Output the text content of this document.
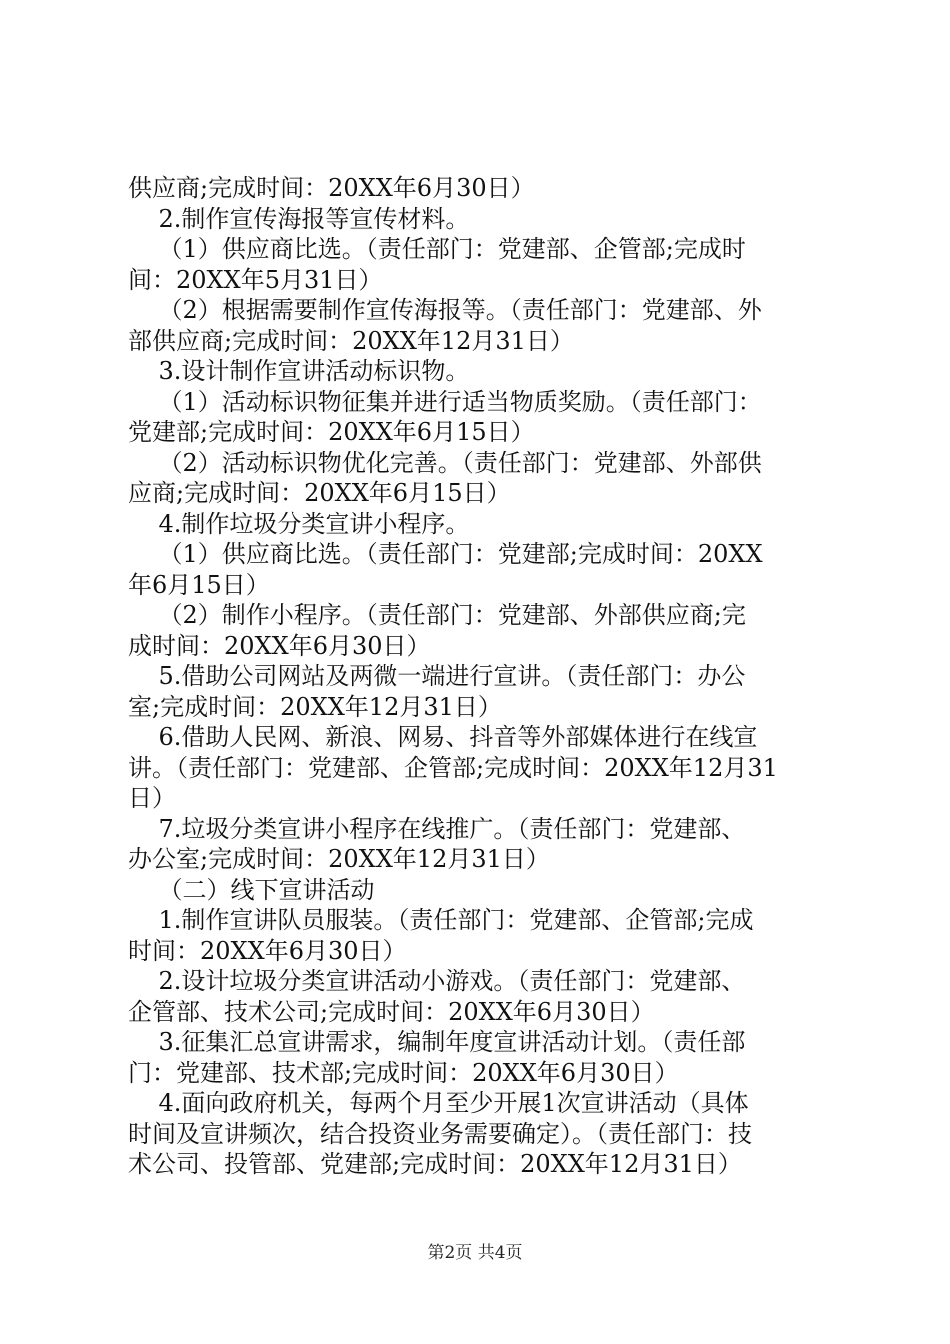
供应商;完成时间：20XX年6月30日）
2.制作宣传海报等宣传材料。
（1）供应商比选。（责任部门：党建部、企管部;完成时
间：20XX年5月31日）
（2）根据需要制作宣传海报等。（责任部门：党建部、外
部供应商;完成时间：20XX年12月31日）
3.设计制作宣讲活动标识物。
（1）活动标识物征集并进行适当物质奖励。（责任部门：
党建部;完成时间：20XX年6月15日）
（2）活动标识物优化完善。（责任部门：党建部、外部供
应商;完成时间：20XX年6月15日）
4.制作垃圾分类宣讲小程序。
（1）供应商比选。（责任部门：党建部;完成时间：20XX
年6月15日）
（2）制作小程序。（责任部门：党建部、外部供应商;完
成时间：20XX年6月30日）
5.借助公司网站及两微一端进行宣讲。（责任部门：办公
室;完成时间：20XX年12月31日）
6.借助人民网、新浪、网易、抖音等外部媒体进行在线宣
讲。（责任部门：党建部、企管部;完成时间：20XX年12月31
日）
7.垃圾分类宣讲小程序在线推广。（责任部门：党建部、
办公室;完成时间：20XX年12月31日）
（二）线下宣讲活动
1.制作宣讲队员服装。（责任部门：党建部、企管部;完成
时间：20XX年6月30日）
2.设计垃圾分类宣讲活动小游戏。（责任部门：党建部、
企管部、技术公司;完成时间：20XX年6月30日）
3.征集汇总宣讲需求，编制年度宣讲活动计划。（责任部
门：党建部、技术部;完成时间：20XX年6月30日）
4.面向政府机关，每两个月至少开展1次宣讲活动（具体
时间及宣讲频次，结合投资业务需要确定）。（责任部门：技
术公司、投管部、党建部;完成时间：20XX年12月31日）
第2页 共4页
